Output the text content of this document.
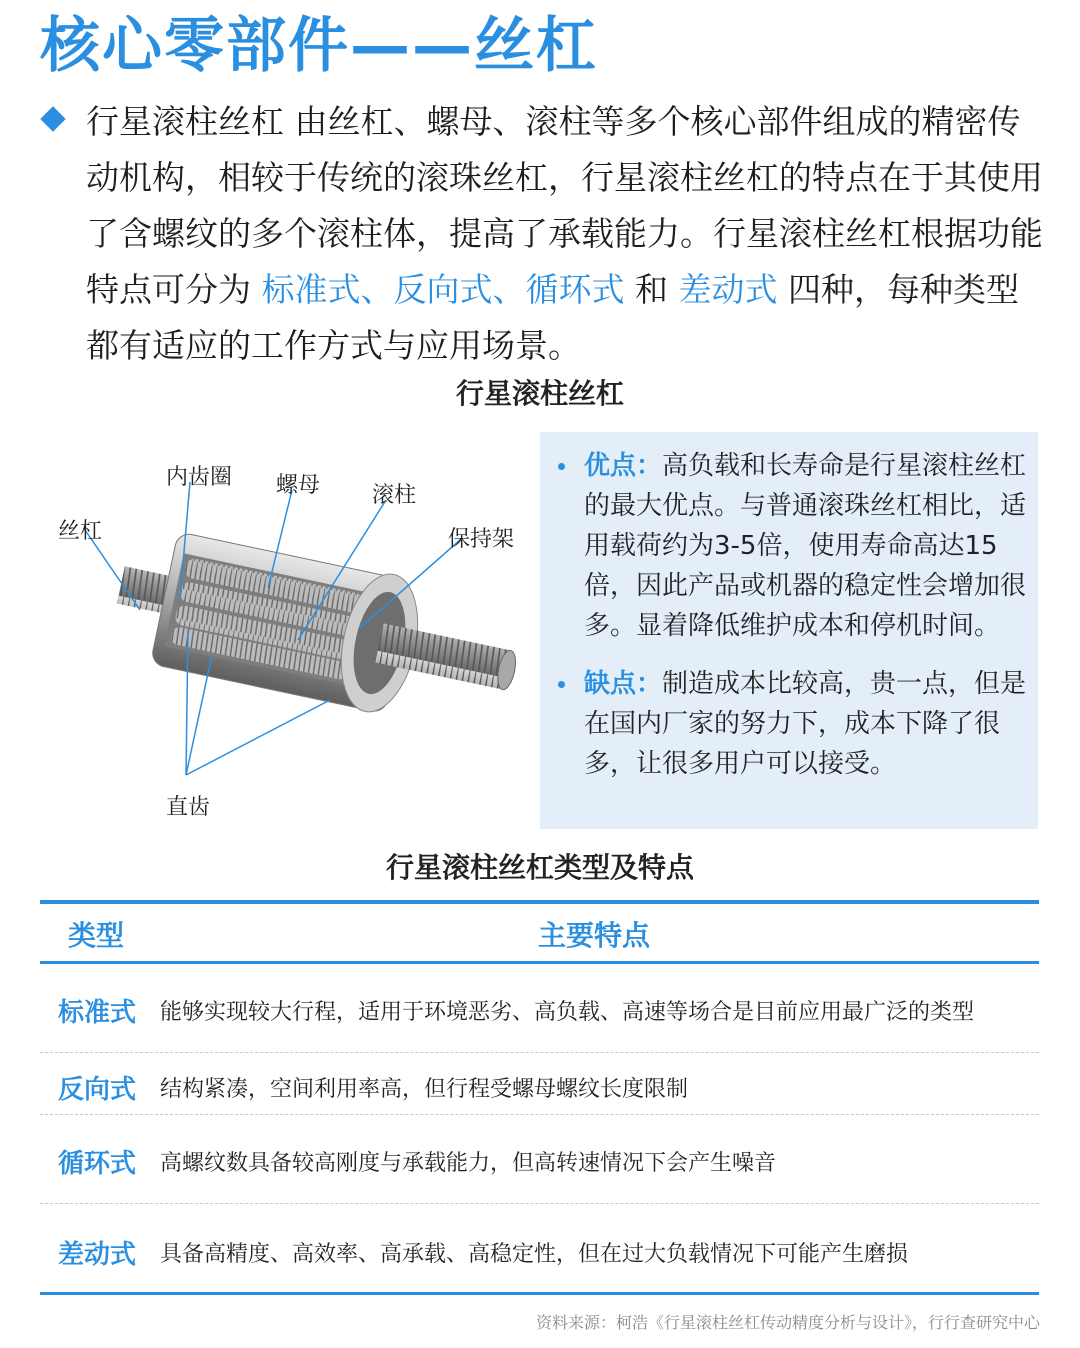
核心零部件——丝杠
行星滚柱丝杠 由丝杠、螺母、滚柱等多个核心部件组成的精密传动机构，相较于传统的滚珠丝杠，行星滚柱丝杠的特点在于其使用了含螺纹的多个滚柱体，提高了承载能力。行星滚柱丝杠根据功能特点可分为 标准式、反向式、循环式 和 差动式 四种，每种类型都有适应的工作方式与应用场景。
行星滚柱丝杠
丝杠
内齿圈 螺母 滚柱
保持架
直齿
优点：高负载和长寿命是行星滚柱丝杠的最大优点。与普通滚珠丝杠相比，适用载荷约为3-5倍，使用寿命高达15倍，因此产品或机器的稳定性会增加很多。显着降低维护成本和停机时间。
缺点：制造成本比较高，贵一点，但是在国内厂家的努力下，成本下降了很多，让很多用户可以接受。
行星滚柱丝杠类型及特点
类型	主要特点
标准式 能够实现较大行程，适用于环境恶劣、高负载、高速等场合是目前应用最广泛的类型
反向式 结构紧凑，空间利用率高，但行程受螺母螺纹长度限制
循环式 高螺纹数具备较高刚度与承载能力，但高转速情况下会产生噪音
差动式 具备高精度、高效率、高承载、高稳定性，但在过大负载情况下可能产生磨损
资料来源：柯浩《行星滚柱丝杠传动精度分析与设计》，行行查研究中心
